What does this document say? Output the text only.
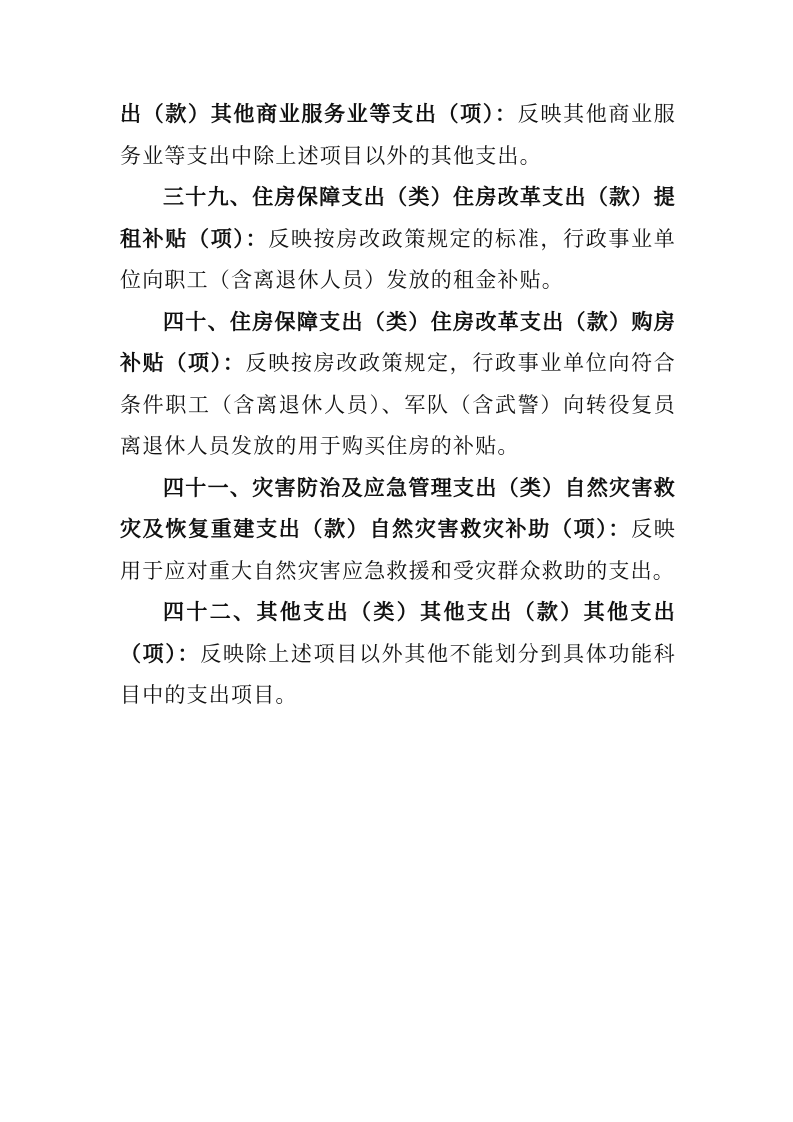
出（款）其他商业服务业等支出（项）：反映其他商业服务业等支出中除上述项目以外的其他支出。

三十九、住房保障支出（类）住房改革支出（款）提租补贴（项）：反映按房改政策规定的标准，行政事业单位向职工（含离退休人员）发放的租金补贴。

四十、住房保障支出（类）住房改革支出（款）购房补贴（项）：反映按房改政策规定，行政事业单位向符合条件职工（含离退休人员）、军队（含武警）向转役复员离退休人员发放的用于购买住房的补贴。

四十一、灾害防治及应急管理支出（类）自然灾害救灾及恢复重建支出（款）自然灾害救灾补助（项）：反映用于应对重大自然灾害应急救援和受灾群众救助的支出。

四十二、其他支出（类）其他支出（款）其他支出（项）：反映除上述项目以外其他不能划分到具体功能科目中的支出项目。
